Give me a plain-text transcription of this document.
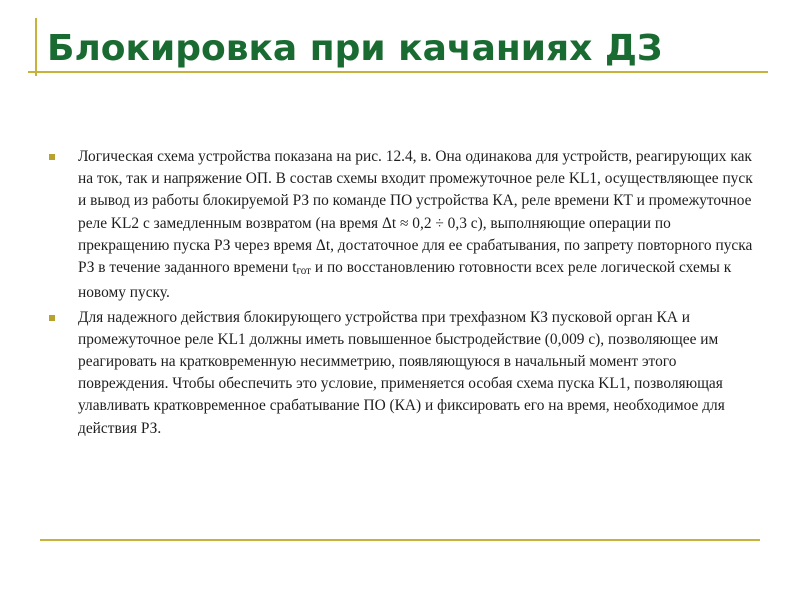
Блокировка при качаниях ДЗ
Логическая схема устройства показана на рис. 12.4, в. Она одинакова для устройств, реагирующих как на ток, так и напряжение ОП. В состав схемы входит промежуточное реле KL1, осуществляющее пуск и вывод из работы блокируемой РЗ по команде ПО устройства КА, реле времени КТ и промежуточное реле KL2 с замедленным возвратом (на время Δt ≈ 0,2 ÷ 0,3 с), выполняющие операции по прекращению пуска РЗ через время Δt, достаточное для ее срабатывания, по запрету повторного пуска РЗ в течение заданного времени $t_{гот}$ и по восстановлению готовности всех реле логической схемы к новому пуску.
Для надежного действия блокирующего устройства при трехфазном КЗ пусковой орган КА и промежуточное реле KL1 должны иметь повышенное быстродействие (0,009 с), позволяющее им реагировать на кратковременную несимметрию, появляющуюся в начальный момент этого повреждения. Чтобы обеспечить это условие, применяется особая схема пуска KL1, позволяющая улавливать кратковременное срабатывание ПО (КА) и фиксировать его на время, необходимое для действия РЗ.
